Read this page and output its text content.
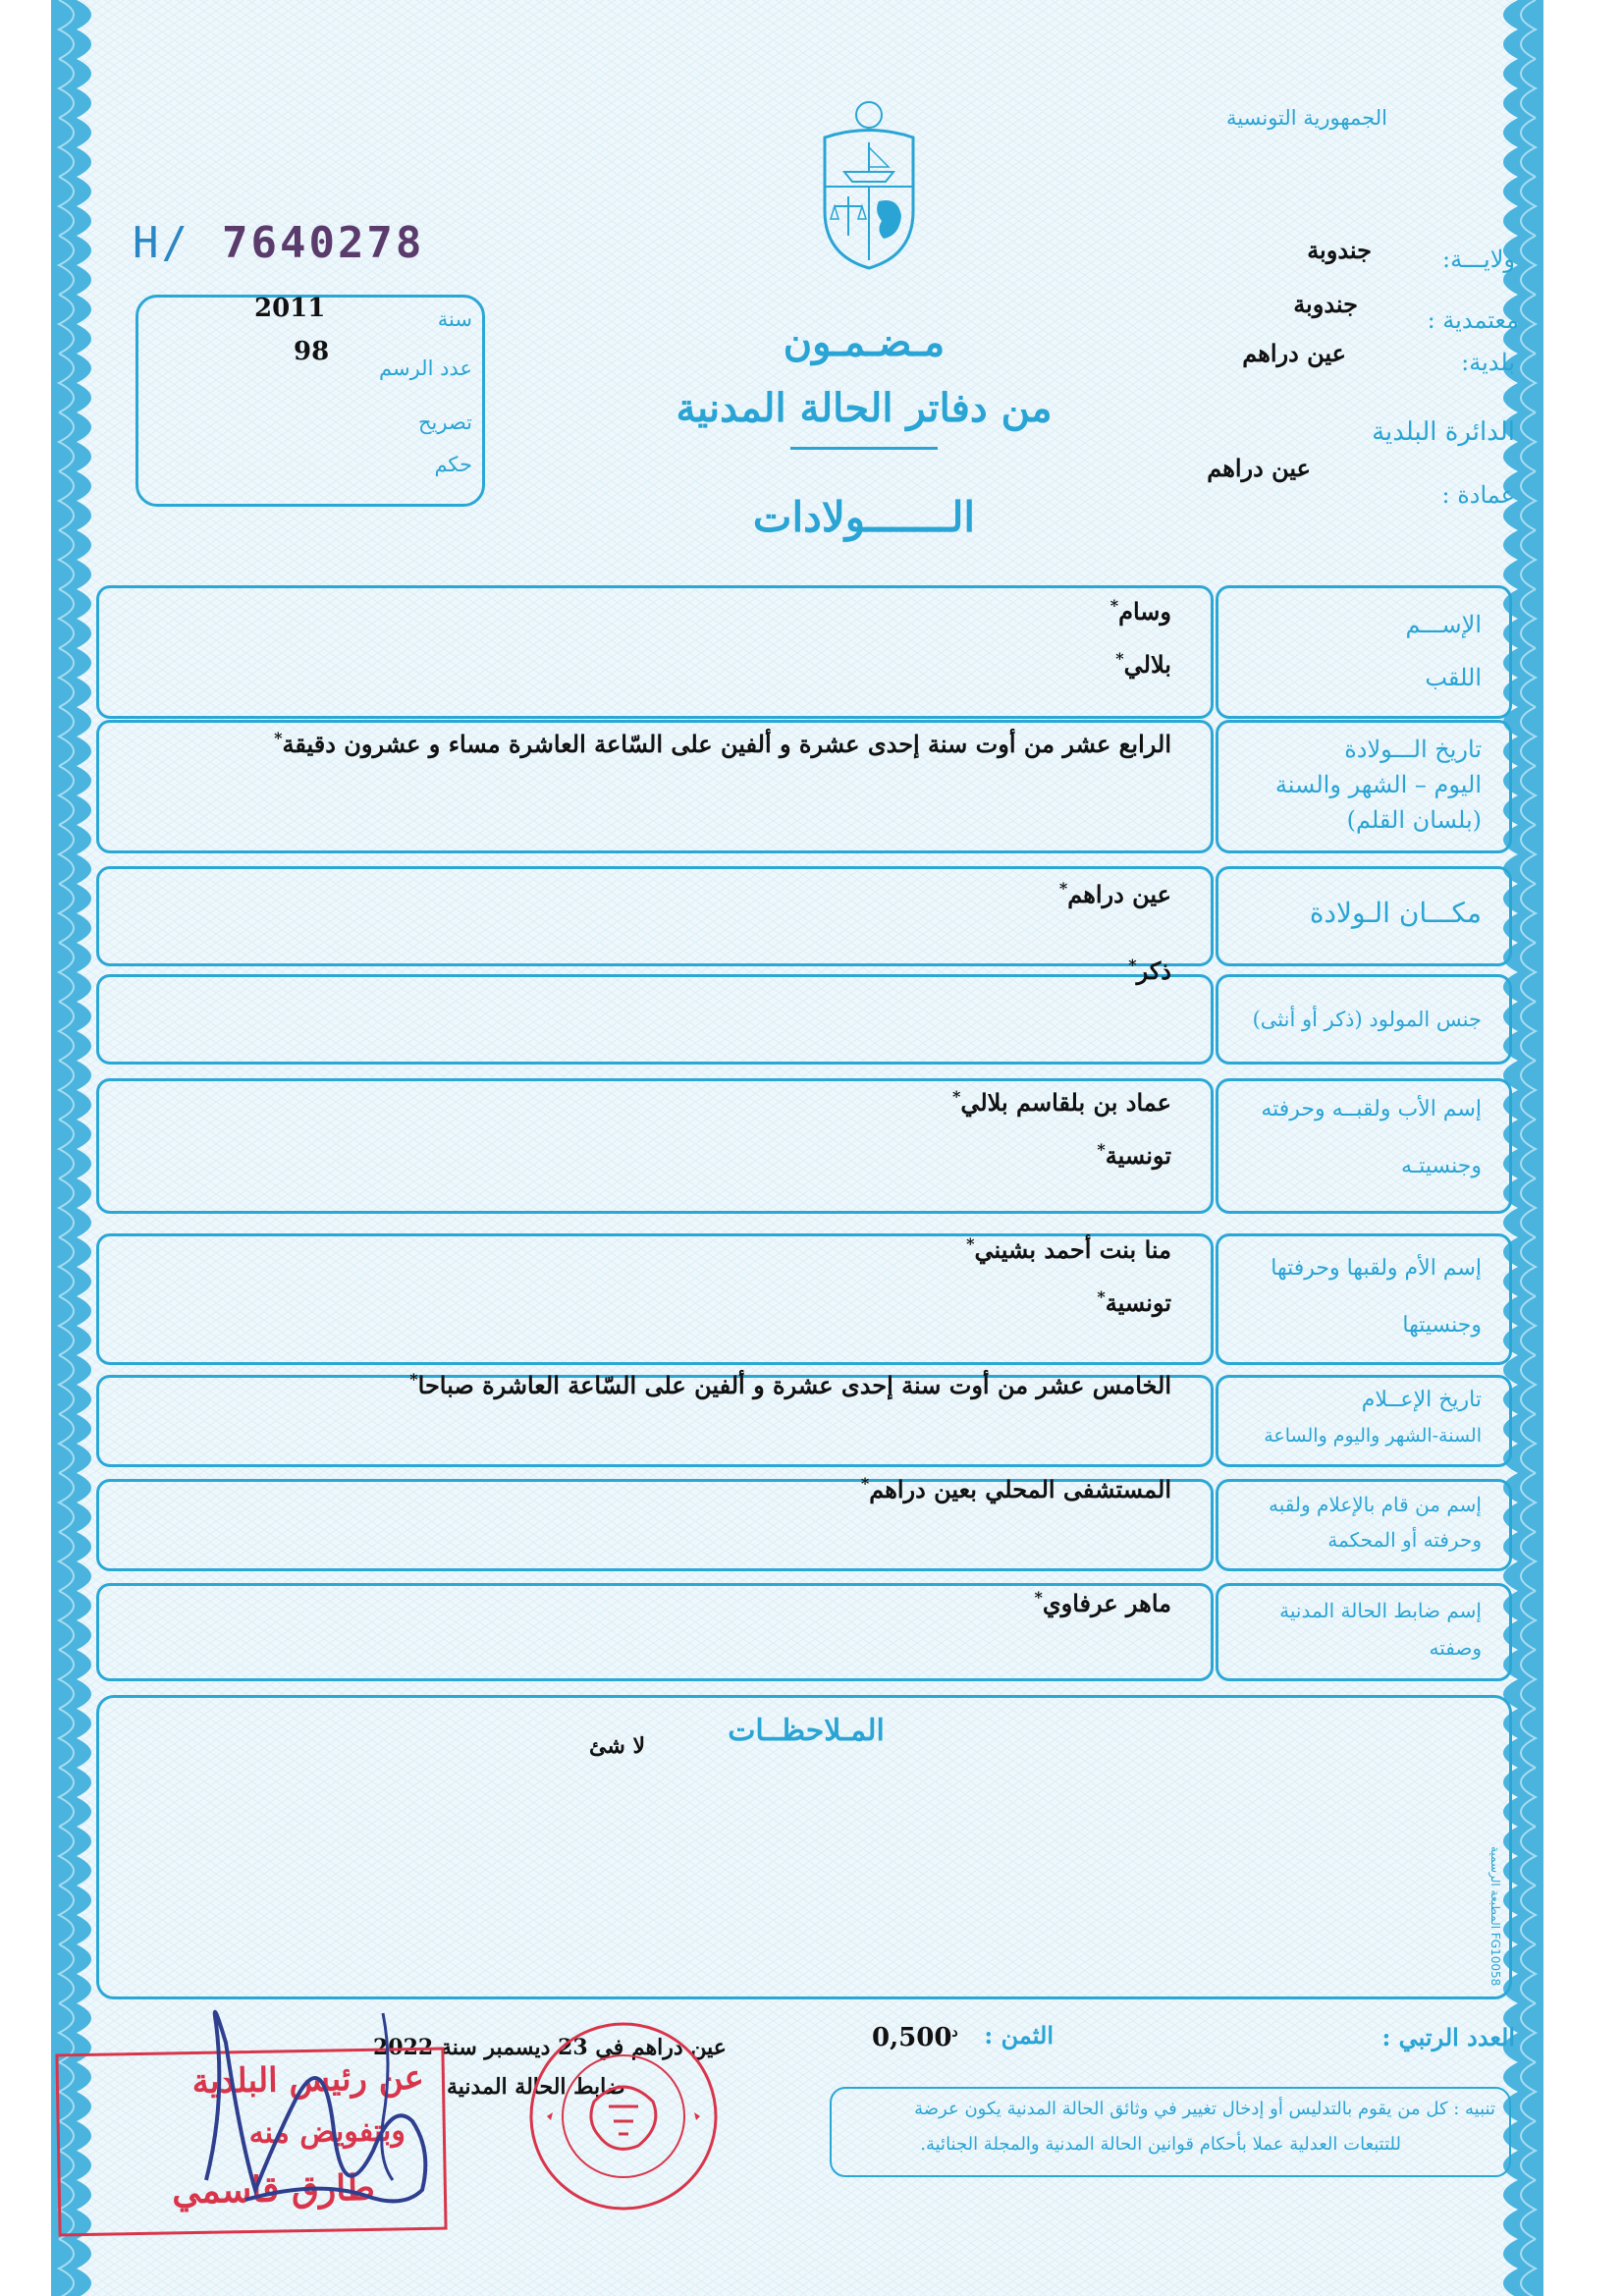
الجمهورية التونسية
ولايـــة:
جندوبة
معتمدية :
جندوبة
بلدية:
عين دراهم
الدائرة البلدية
عين دراهم
عمادة :
H/ 7640278
سنة
2011
عدد الرسم
98
تصريح
حكم
مـضـمـون
من دفاتر الحالة المدنية
الـــــــولادات
وسام*
بلالي*
الإســـم
اللقب
الرابع عشر من أوت سنة إحدى عشرة و ألفين على السّاعة العاشرة مساء و عشرون دقيقة*	تاريخ الـــولادة
اليوم – الشهر والسنة
(بلسان القلم)
عين دراهم*
مكـــان الـولادة
ذكر*
جنس المولود (ذكر أو أنثى)
عماد بن بلقاسم بلالي*
تونسية*
إسم الأب ولقبــه وحرفته
وجنسيتـه
منا بنت أحمد بشيني*
تونسية*
إسم الأم ولقبها وحرفتها
وجنسيتها
الخامس عشر من أوت سنة إحدى عشرة و ألفين على السّاعة العاشرة صباحا*
تاريخ الإعــلام
السنة-الشهر واليوم والساعة
المستشفى المحلي بعين دراهم*
إسم من قام بالإعلام ولقبه
وحرفته أو المحكمة
ماهر عرفاوي*
إسم ضابط الحالة المدنية
وصفته
المـلاحظــات
لا شئ
المطبعة الرسمية FG10058
العدد الرتبي :
الثمن :
$0,500^د$
تنبيه : كل من يقوم بالتدليس أو إدخال تغيير في وثائق الحالة المدنية يكون عرضة
للتتبعات العدلية عملا بأحكام قوانين الحالة المدنية والمجلة الجنائية.
عين دراهم في 23 ديسمبر سنة 2022
ضابط الحالة المدنية
عن رئيس البلدية
وبتفويض منه
طارق قاسمي
